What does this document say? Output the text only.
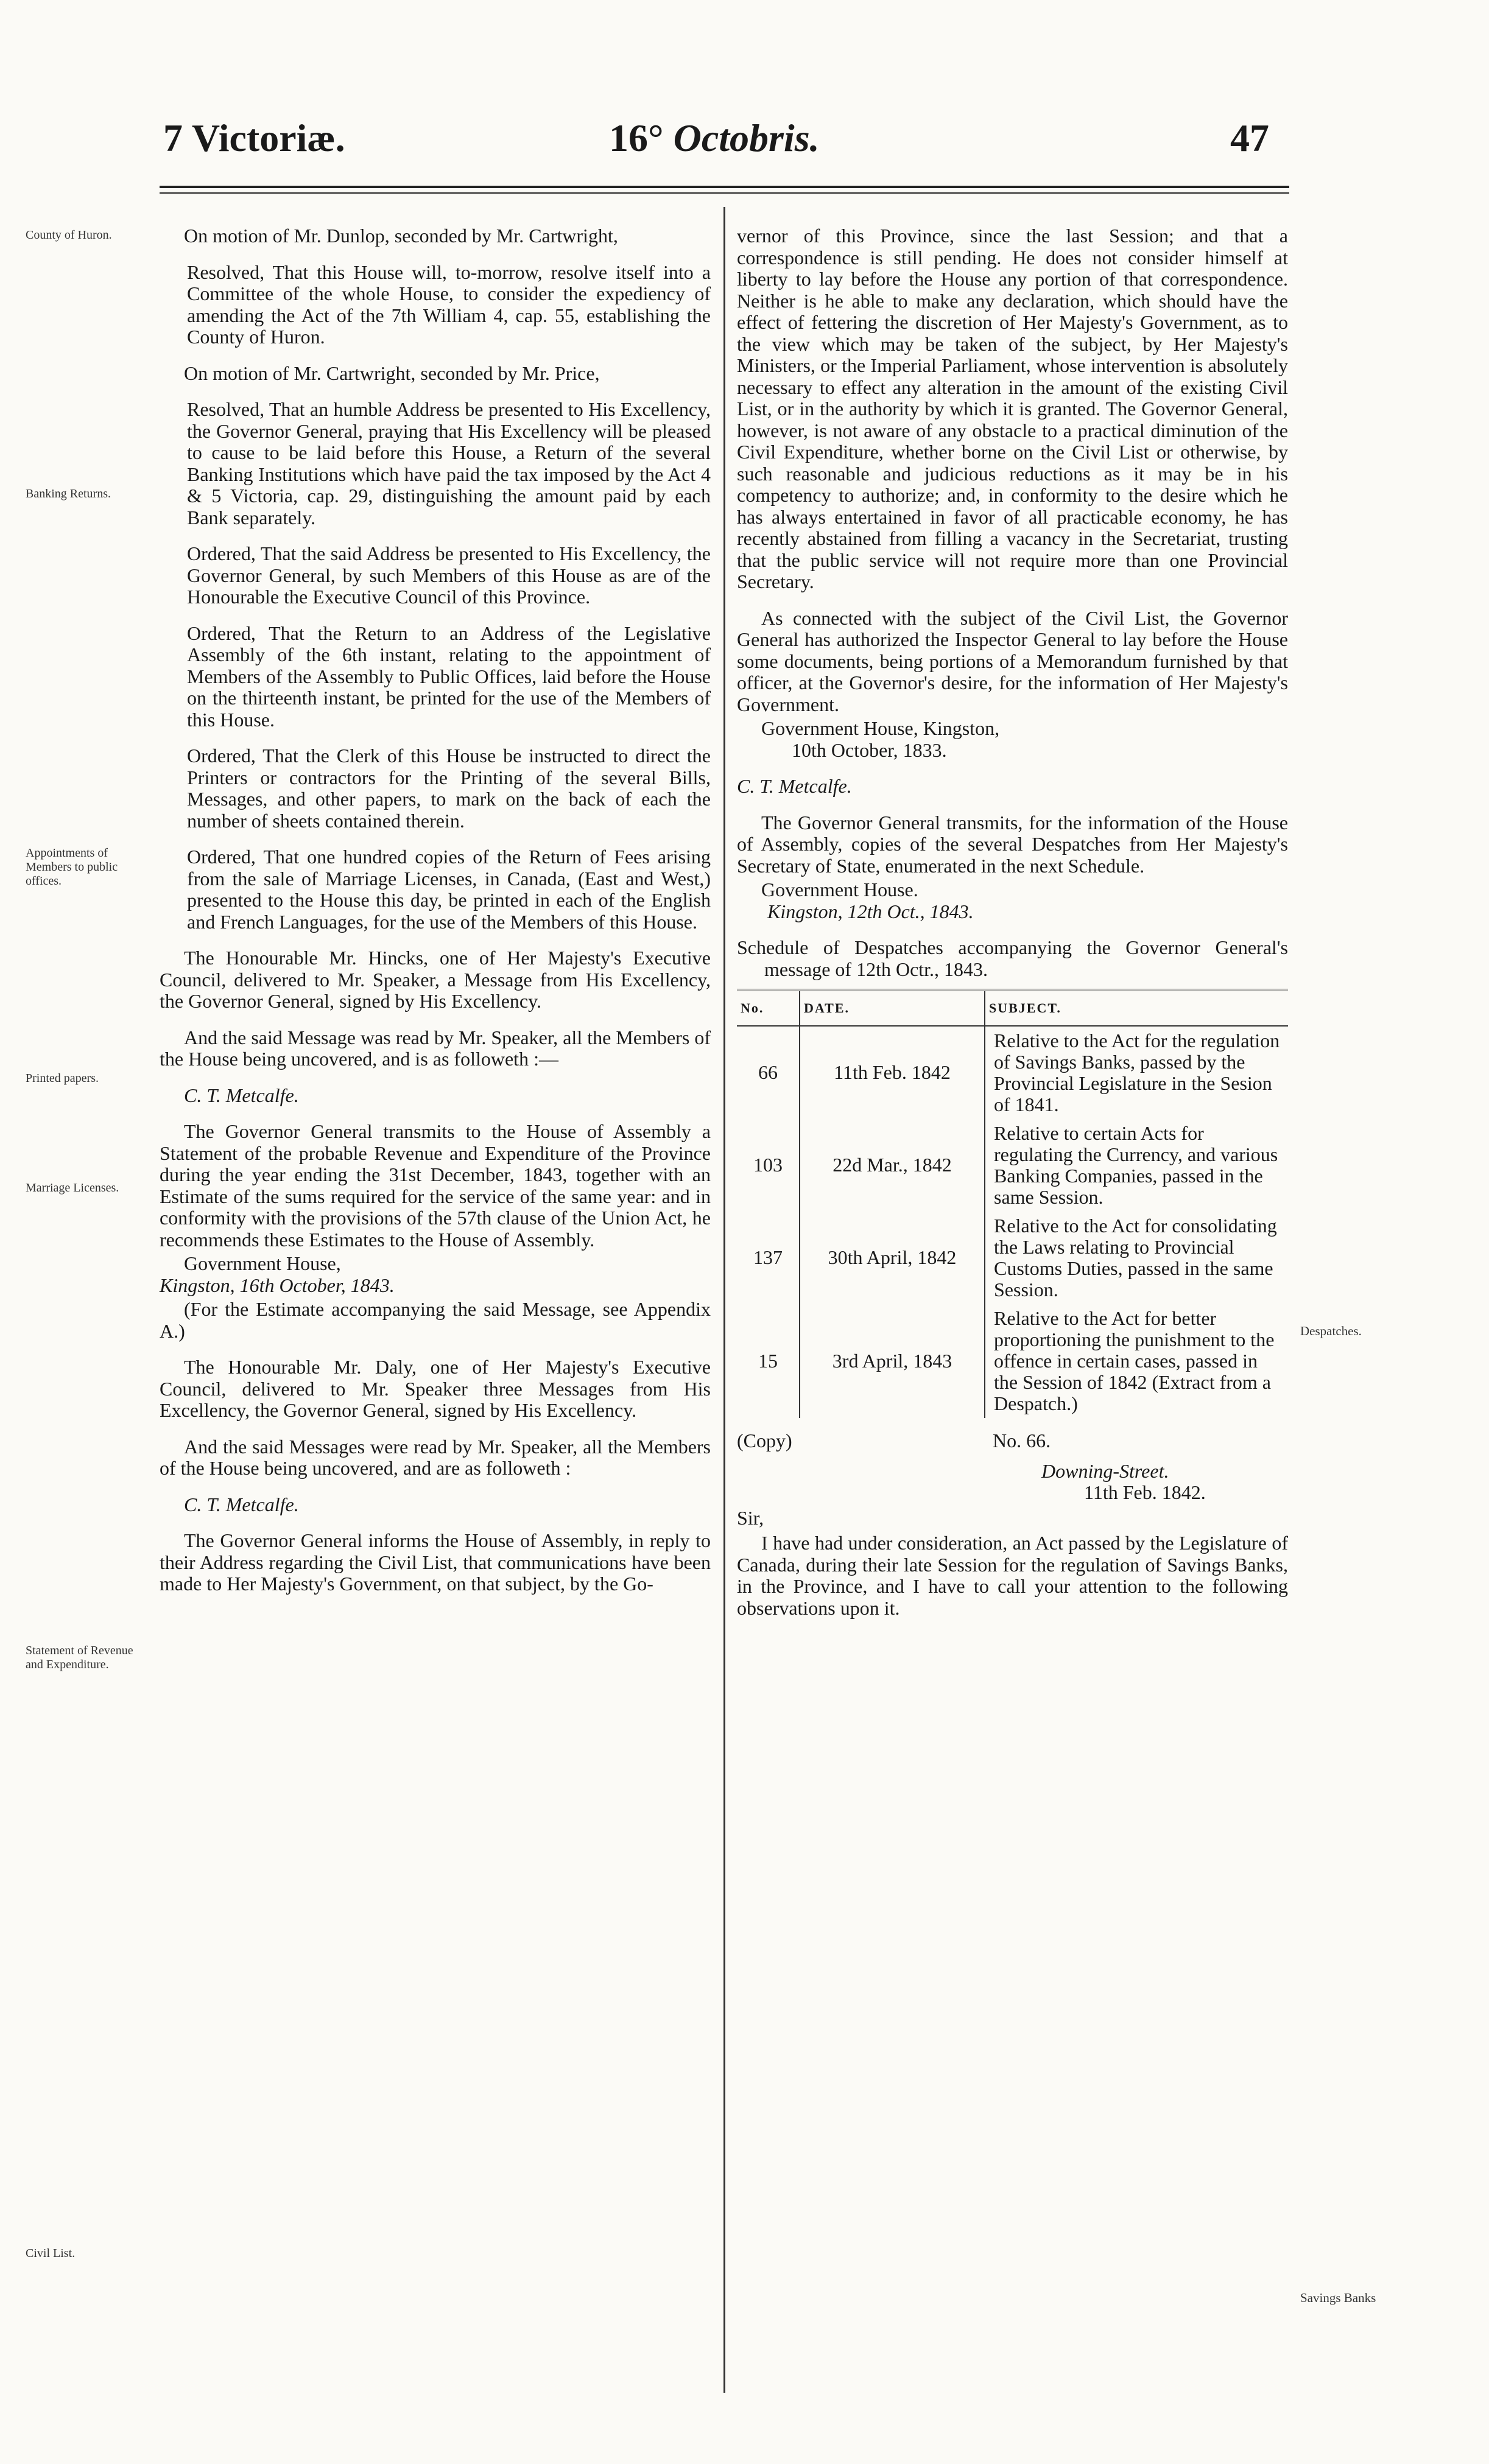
7 Victoriæ.	16° Octobris.	47
County of Huron.
Banking Returns.
Appointments of Members to public offices.
Printed papers.
Marriage Licenses.
Statement of Revenue and Expenditure.
Civil List.
Despatches.
Savings Banks

On motion of Mr. Dunlop, seconded by Mr. Cartwright,

Resolved, That this House will, to-morrow, resolve itself into a Committee of the whole House, to consider the expediency of amending the Act of the 7th William 4, cap. 55, establishing the County of Huron.

On motion of Mr. Cartwright, seconded by Mr. Price,

Resolved, That an humble Address be presented to His Excellency, the Governor General, praying that His Excellency will be pleased to cause to be laid before this House, a Return of the several Banking Institutions which have paid the tax imposed by the Act 4 & 5 Victoria, cap. 29, distinguishing the amount paid by each Bank separately.

Ordered, That the said Address be presented to His Excellency, the Governor General, by such Members of this House as are of the Honourable the Executive Council of this Province.

Ordered, That the Return to an Address of the Legislative Assembly of the 6th instant, relating to the appointment of Members of the Assembly to Public Offices, laid before the House on the thirteenth instant, be printed for the use of the Members of this House.

Ordered, That the Clerk of this House be instructed to direct the Printers or contractors for the Printing of the several Bills, Messages, and other papers, to mark on the back of each the number of sheets contained therein.

Ordered, That one hundred copies of the Return of Fees arising from the sale of Marriage Licenses, in Canada, (East and West,) presented to the House this day, be printed in each of the English and French Languages, for the use of the Members of this House.

The Honourable Mr. Hincks, one of Her Majesty's Executive Council, delivered to Mr. Speaker, a Message from His Excellency, the Governor General, signed by His Excellency.

And the said Message was read by Mr. Speaker, all the Members of the House being uncovered, and is as followeth :—

C. T. Metcalfe.

The Governor General transmits to the House of Assembly a Statement of the probable Revenue and Expenditure of the Province during the year ending the 31st December, 1843, together with an Estimate of the sums required for the service of the same year: and in conformity with the provisions of the 57th clause of the Union Act, he recommends these Estimates to the House of Assembly.

Government House,

Kingston, 16th October, 1843.

(For the Estimate accompanying the said Message, see Appendix A.)

The Honourable Mr. Daly, one of Her Majesty's Executive Council, delivered to Mr. Speaker three Messages from His Excellency, the Governor General, signed by His Excellency.

And the said Messages were read by Mr. Speaker, all the Members of the House being uncovered, and are as followeth :

C. T. Metcalfe.

The Governor General informs the House of Assembly, in reply to their Address regarding the Civil List, that communications have been made to Her Majesty's Government, on that subject, by the Go-

vernor of this Province, since the last Session; and that a correspondence is still pending. He does not consider himself at liberty to lay before the House any portion of that correspondence. Neither is he able to make any declaration, which should have the effect of fettering the discretion of Her Majesty's Government, as to the view which may be taken of the subject, by Her Majesty's Ministers, or the Imperial Parliament, whose intervention is absolutely necessary to effect any alteration in the amount of the existing Civil List, or in the authority by which it is granted. The Governor General, however, is not aware of any obstacle to a practical diminution of the Civil Expenditure, whether borne on the Civil List or otherwise, by such reasonable and judicious reductions as it may be in his competency to authorize; and, in conformity to the desire which he has always entertained in favor of all practicable economy, he has recently abstained from filling a vacancy in the Secretariat, trusting that the public service will not require more than one Provincial Secretary.

As connected with the subject of the Civil List, the Governor General has authorized the Inspector General to lay before the House some documents, being portions of a Memorandum furnished by that officer, at the Governor's desire, for the information of Her Majesty's Government.

Government House, Kingston,

10th October, 1833.

C. T. Metcalfe.

The Governor General transmits, for the information of the House of Assembly, copies of the several Despatches from Her Majesty's Secretary of State, enumerated in the next Schedule.

Government House.

Kingston, 12th Oct., 1843.

Schedule of Despatches accompanying the Governor General's message of 12th Octr., 1843.

No.	DATE.	SUBJECT.
66	11th Feb. 1842	Relative to the Act for the regulation of Savings Banks, passed by the Provincial Legislature in the Sesion of 1841.
103	22d Mar., 1842	Relative to certain Acts for regulating the Currency, and various Banking Companies, passed in the same Session.
137	30th April, 1842	Relative to the Act for consolidating the Laws relating to Provincial Customs Duties, passed in the same Session.
15	3rd April, 1843	Relative to the Act for better proportioning the punishment to the offence in certain cases, passed in the Session of 1842 (Extract from a Despatch.)
(Copy)	No. 66.

Downing-Street.

11th Feb. 1842.

Sir,

I have had under consideration, an Act passed by the Legislature of Canada, during their late Session for the regulation of Savings Banks, in the Province, and I have to call your attention to the following observations upon it.
